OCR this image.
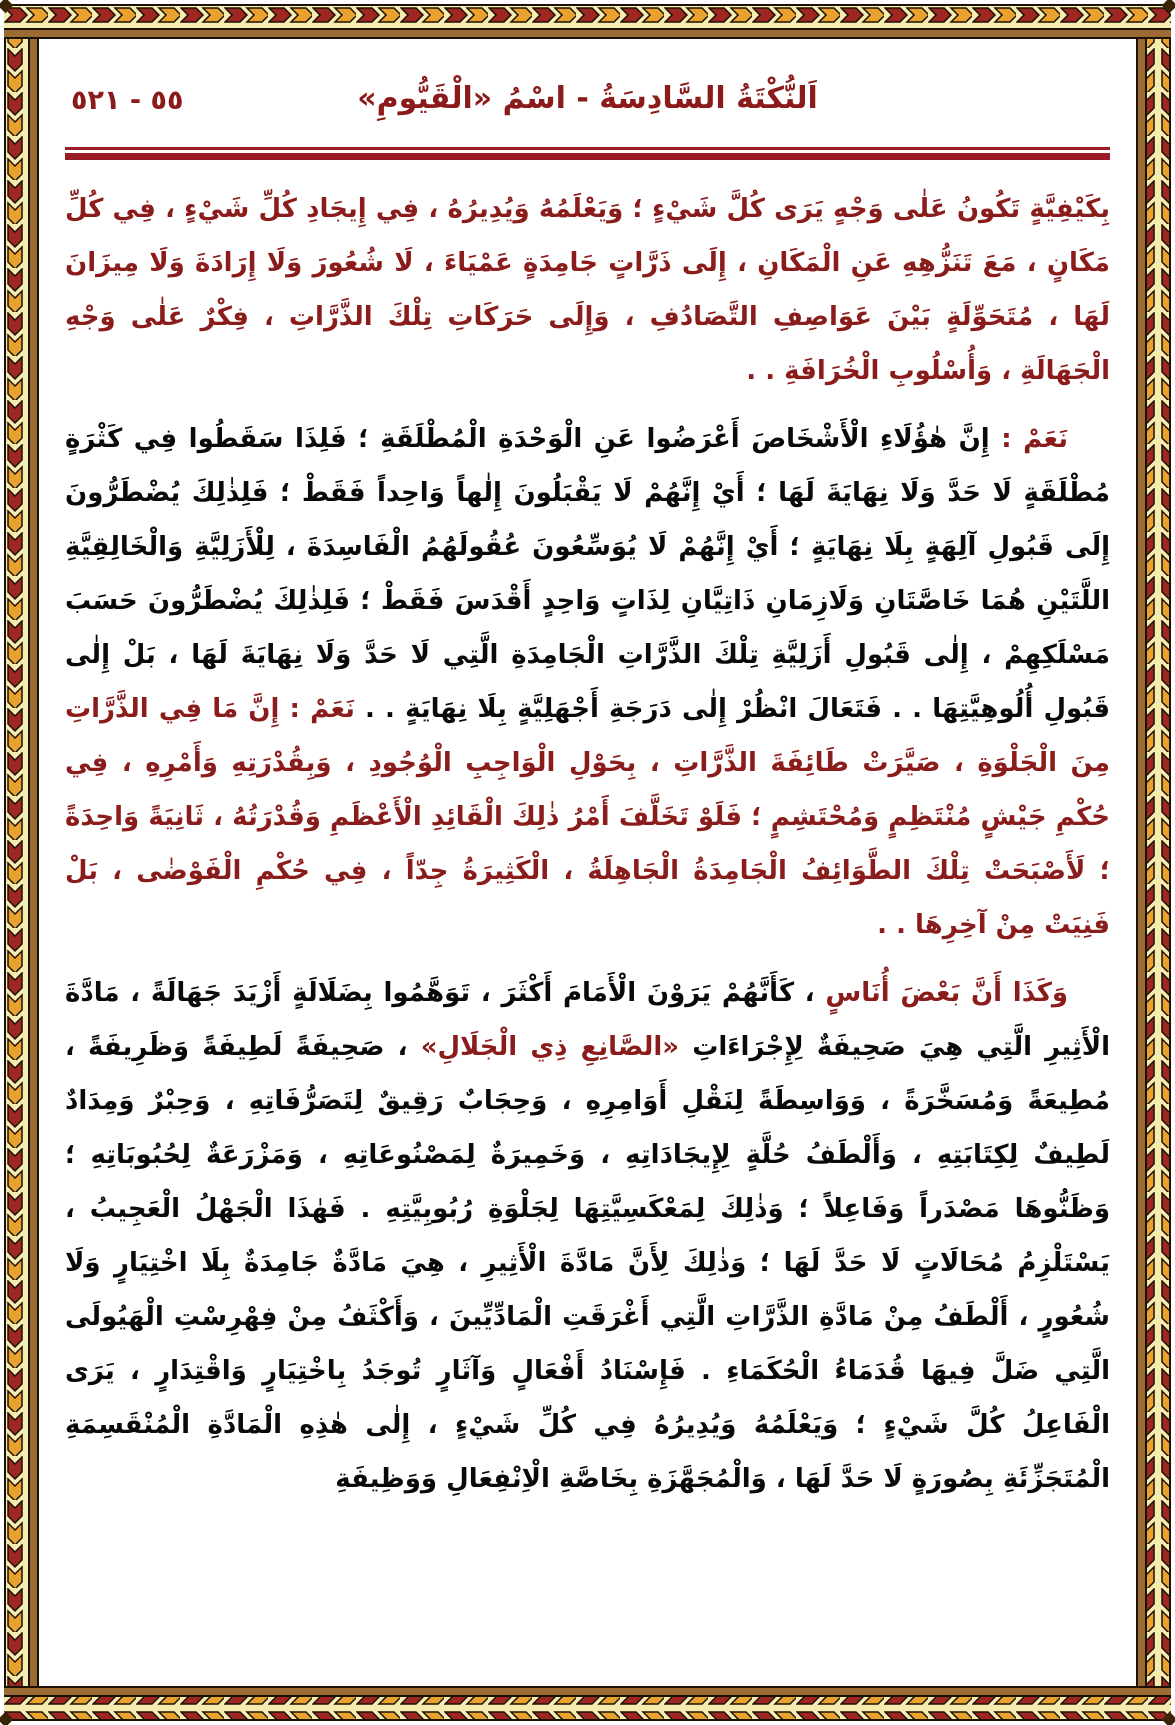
٥٥ - ٥٢١	اَلنُّكْتَةُ السَّادِسَةُ - اسْمُ «الْقَيُّومِ»

بِكَيْفِيَّةٍ تَكُونُ عَلٰى وَجْهٍ يَرَى كُلَّ شَيْءٍ ؛ وَيَعْلَمُهُ وَيُدِيرُهُ ، فِي إِيجَادِ كُلِّ شَيْءٍ ، فِي كُلِّ مَكَانٍ ، مَعَ تَنَزُّهِهِ عَنِ الْمَكَانِ ، إِلَى ذَرَّاتٍ جَامِدَةٍ عَمْيَاءَ ، لَا شُعُورَ وَلَا إِرَادَةَ وَلَا مِيزَانَ لَهَا ، مُتَحَوِّلَةٍ بَيْنَ عَوَاصِفِ التَّصَادُفِ ، وَإِلَى حَرَكَاتِ تِلْكَ الذَّرَّاتِ ، فِكْرٌ عَلٰى وَجْهِ الْجَهَالَةِ ، وَأُسْلُوبِ الْخُرَافَةِ . .

نَعَمْ : إِنَّ هٰؤُلَاءِ الْأَشْخَاصَ أَعْرَضُوا عَنِ الْوَحْدَةِ الْمُطْلَقَةِ ؛ فَلِذَا سَقَطُوا فِي كَثْرَةٍ مُطْلَقَةٍ لَا حَدَّ وَلَا نِهَايَةَ لَهَا ؛ أَيْ إِنَّهُمْ لَا يَقْبَلُونَ إِلٰهاً وَاحِداً فَقَطْ ؛ فَلِذٰلِكَ يُضْطَرُّونَ إِلَى قَبُولِ آلِهَةٍ بِلَا نِهَايَةٍ ؛ أَيْ إِنَّهُمْ لَا يُوَسِّعُونَ عُقُولَهُمُ الْفَاسِدَةَ ، لِلْأَزَلِيَّةِ وَالْخَالِقِيَّةِ اللَّتَيْنِ هُمَا خَاصَّتَانِ وَلَازِمَانِ ذَاتِيَّانِ لِذَاتٍ وَاحِدٍ أَقْدَسَ فَقَطْ ؛ فَلِذٰلِكَ يُضْطَرُّونَ حَسَبَ مَسْلَكِهِمْ ، إِلٰى قَبُولِ أَزَلِيَّةِ تِلْكَ الذَّرَّاتِ الْجَامِدَةِ الَّتِي لَا حَدَّ وَلَا نِهَايَةَ لَهَا ، بَلْ إِلٰى قَبُولِ أُلُوهِيَّتِهَا . . فَتَعَالَ انْظُرْ إِلٰى دَرَجَةِ أَجْهَلِيَّةٍ بِلَا نِهَايَةٍ . . نَعَمْ : إِنَّ مَا فِي الذَّرَّاتِ مِنَ الْجَلْوَةِ ، صَيَّرَتْ طَائِفَةَ الذَّرَّاتِ ، بِحَوْلِ الْوَاجِبِ الْوُجُودِ ، وَبِقُدْرَتِهِ وَأَمْرِهِ ، فِي حُكْمِ جَيْشٍ مُنْتَظِمٍ وَمُحْتَشِمٍ ؛ فَلَوْ تَخَلَّفَ أَمْرُ ذٰلِكَ الْقَائِدِ الْأَعْظَمِ وَقُدْرَتُهُ ، ثَانِيَةً وَاحِدَةً ؛ لَأَصْبَحَتْ تِلْكَ الطَّوَائِفُ الْجَامِدَةُ الْجَاهِلَةُ ، الْكَثِيرَةُ جِدّاً ، فِي حُكْمِ الْفَوْضٰى ، بَلْ فَنِيَتْ مِنْ آخِرِهَا . .

وَكَذَا أَنَّ بَعْضَ أُنَاسٍ ، كَأَنَّهُمْ يَرَوْنَ الْأَمَامَ أَكْثَرَ ، تَوَهَّمُوا بِضَلَالَةٍ أَزْيَدَ جَهَالَةً ، مَادَّةَ الْأَثِيرِ الَّتِي هِيَ صَحِيفَةٌ لِإِجْرَاءَاتِ «الصَّانِعِ ذِي الْجَلَالِ» ، صَحِيفَةً لَطِيفَةً وَظَرِيفَةً ، مُطِيعَةً وَمُسَخَّرَةً ، وَوَاسِطَةً لِنَقْلِ أَوَامِرِهِ ، وَحِجَابٌ رَقِيقٌ لِتَصَرُّفَاتِهِ ، وَحِبْرٌ وَمِدَادٌ لَطِيفٌ لِكِتَابَتِهِ ، وَأَلْطَفُ حُلَّةٍ لِإِيجَادَاتِهِ ، وَخَمِيرَةٌ لِمَصْنُوعَاتِهِ ، وَمَزْرَعَةٌ لِحُبُوبَاتِهِ ؛ وَظَنُّوهَا مَصْدَراً وَفَاعِلاً ؛ وَذٰلِكَ لِمَعْكَسِيَّتِهَا لِجَلْوَةِ رُبُوبِيَّتِهِ . فَهٰذَا الْجَهْلُ الْعَجِيبُ ، يَسْتَلْزِمُ مُحَالَاتٍ لَا حَدَّ لَهَا ؛ وَذٰلِكَ لِأَنَّ مَادَّةَ الْأَثِيرِ ، هِيَ مَادَّةٌ جَامِدَةٌ بِلَا اخْتِيَارٍ وَلَا شُعُورٍ ، أَلْطَفُ مِنْ مَادَّةِ الذَّرَّاتِ الَّتِي أَغْرَقَتِ الْمَادِّيِّينَ ، وَأَكْثَفُ مِنْ فِهْرِسْتِ الْهَيُولَى الَّتِي ضَلَّ فِيهَا قُدَمَاءُ الْحُكَمَاءِ . فَإِسْنَادُ أَفْعَالٍ وَآثَارٍ تُوجَدُ بِاخْتِيَارٍ وَاقْتِدَارٍ ، يَرَى الْفَاعِلُ كُلَّ شَيْءٍ ؛ وَيَعْلَمُهُ وَيُدِيرُهُ فِي كُلِّ شَيْءٍ ، إِلٰى هٰذِهِ الْمَادَّةِ الْمُنْقَسِمَةِ الْمُتَجَزِّئَةِ بِصُورَةٍ لَا حَدَّ لَهَا ، وَالْمُجَهَّزَةِ بِخَاصَّةِ الْاِنْفِعَالِ وَوَظِيفَةِ
